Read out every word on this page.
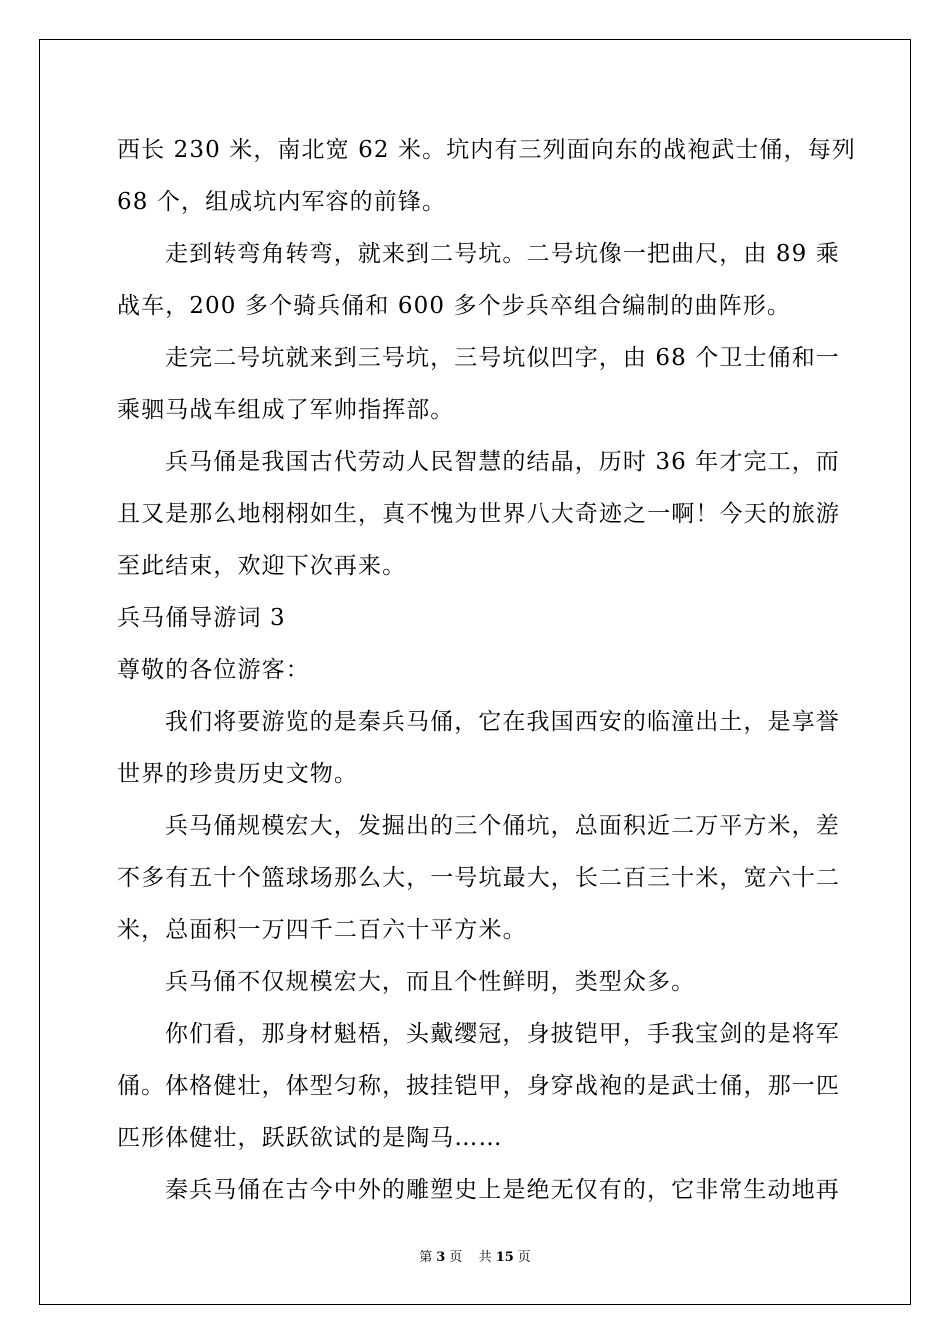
西长 230 米，南北宽 62 米。坑内有三列面向东的战袍武士俑，每列
68 个，组成坑内军容的前锋。
走到转弯角转弯，就来到二号坑。二号坑像一把曲尺，由 89 乘
战车，200 多个骑兵俑和 600 多个步兵卒组合编制的曲阵形。
走完二号坑就来到三号坑，三号坑似凹字，由 68 个卫士俑和一
乘驷马战车组成了军帅指挥部。
兵马俑是我国古代劳动人民智慧的结晶，历时 36 年才完工，而
且又是那么地栩栩如生，真不愧为世界八大奇迹之一啊！今天的旅游
至此结束，欢迎下次再来。
兵马俑导游词 3
尊敬的各位游客：
我们将要游览的是秦兵马俑，它在我国西安的临潼出土，是享誉
世界的珍贵历史文物。
兵马俑规模宏大，发掘出的三个俑坑，总面积近二万平方米，差
不多有五十个篮球场那么大，一号坑最大，长二百三十米，宽六十二
米，总面积一万四千二百六十平方米。
兵马俑不仅规模宏大，而且个性鲜明，类型众多。
你们看，那身材魁梧，头戴缨冠，身披铠甲，手我宝剑的是将军
俑。体格健壮，体型匀称，披挂铠甲，身穿战袍的是武士俑，那一匹
匹形体健壮，跃跃欲试的是陶马……
秦兵马俑在古今中外的雕塑史上是绝无仅有的，它非常生动地再
第 3 页 共 15 页
